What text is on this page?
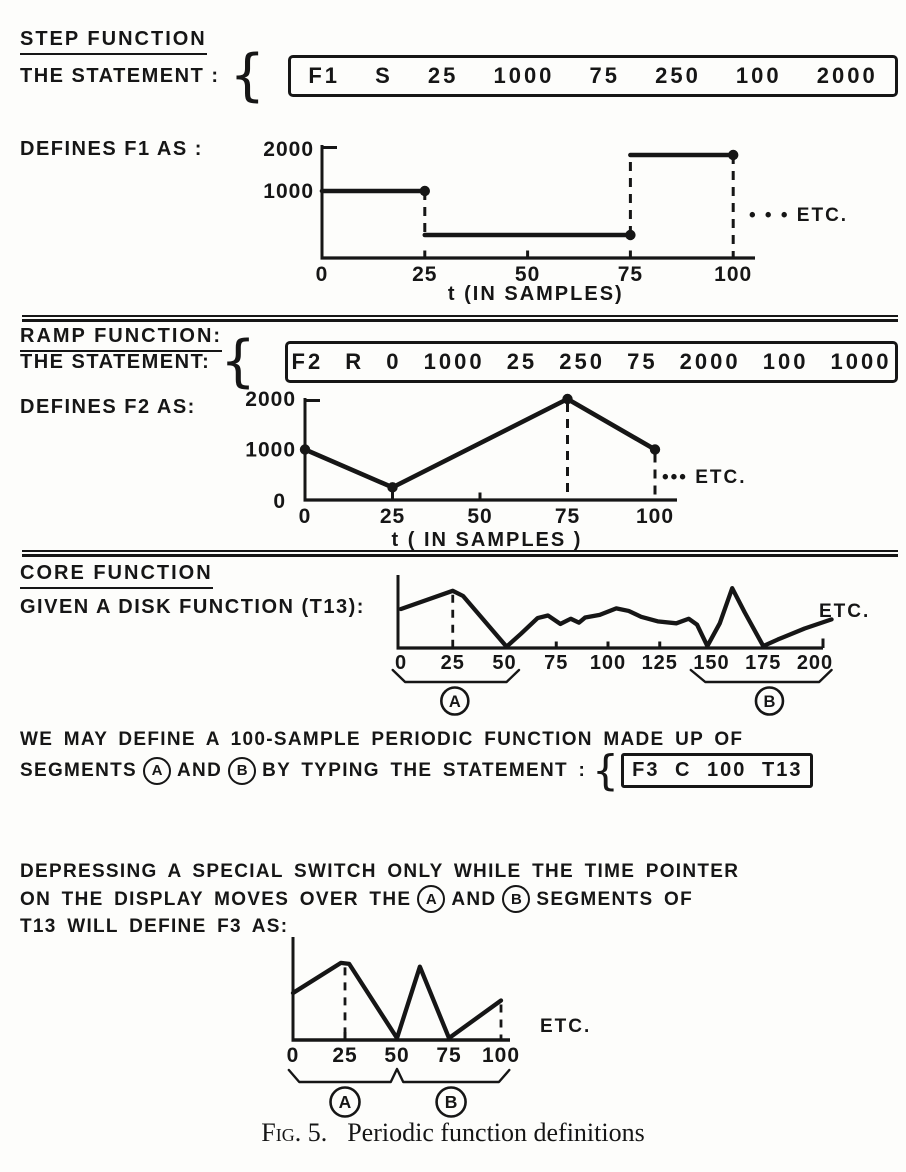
STEP FUNCTION
THE STATEMENT : {	F1 S 25 1000 75 250 100 2000
DEFINES F1 AS :
1000
2000
0	25	50	75	100
t (IN SAMPLES)
• • • ETC.
RAMP FUNCTION:
THE STATEMENT: { F2 R 0 1000 25 250 75 2000 100 1000
DEFINES F2 AS:
0
1000
2000
0	25	50	75	100
t ( IN SAMPLES )
••• ETC.
CORE FUNCTION
GIVEN A DISK FUNCTION (T13):
0 25 50 75 100 125 150 175 200
A	B
ETC.
WE MAY DEFINE A 100-SAMPLE PERIODIC FUNCTION MADE UP OF
SEGMENTS A AND B BY TYPING THE STATEMENT : { F3 C 100 T13
DEPRESSING A SPECIAL SWITCH ONLY WHILE THE TIME POINTER
ON THE DISPLAY MOVES OVER THE A AND B SEGMENTS OF
T13 WILL DEFINE F3 AS:
0 25 50 75 100
A	B
ETC.
Fig. 5. Periodic function definitions
